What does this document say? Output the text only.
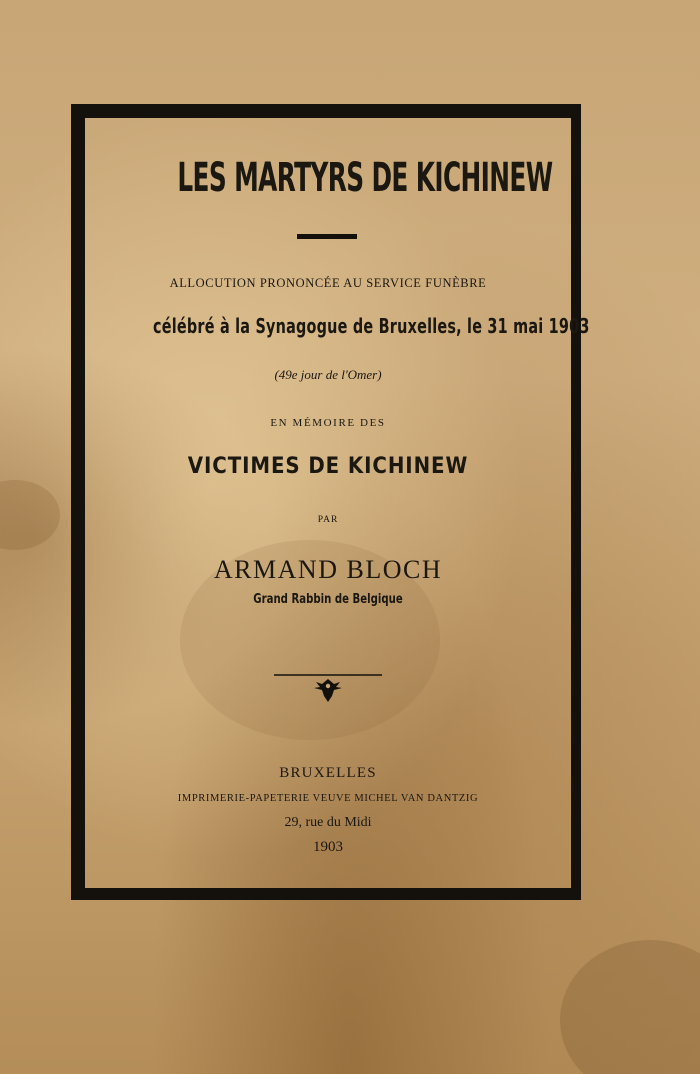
LES MARTYRS DE KICHINEW
ALLOCUTION PRONONCÉE AU SERVICE FUNÈBRE
célébré à la Synagogue de Bruxelles, le 31 mai 1903
(49e jour de l'Omer)
EN MÉMOIRE DES
VICTIMES DE KICHINEW
PAR
ARMAND BLOCH
Grand Rabbin de Belgique
BRUXELLES
IMPRIMERIE-PAPETERIE VEUVE MICHEL VAN DANTZIG
29, rue du Midi
1903
